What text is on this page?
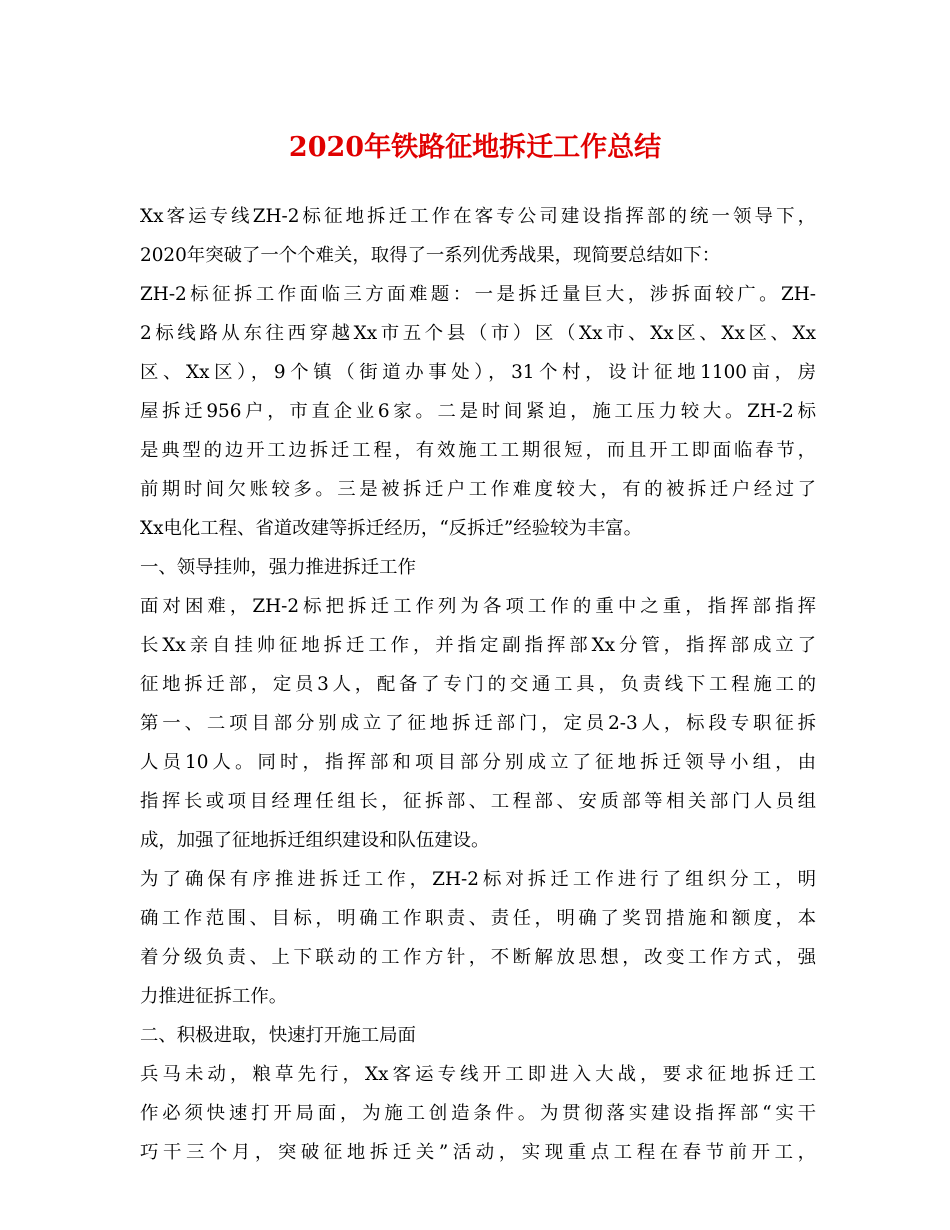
2020年铁路征地拆迁工作总结
Xx客运专线ZH-2标征地拆迁工作在客专公司建设指挥部的统一领导下，
2020年突破了一个个难关，取得了一系列优秀战果，现简要总结如下：
ZH-2标征拆工作面临三方面难题：一是拆迁量巨大，涉拆面较广。ZH-
2标线路从东往西穿越Xx市五个县（市）区（Xx市、Xx区、Xx区、Xx
区、Xx区），9个镇（街道办事处），31个村，设计征地1100亩，房
屋拆迁956户，市直企业6家。二是时间紧迫，施工压力较大。ZH-2标
是典型的边开工边拆迁工程，有效施工工期很短，而且开工即面临春节，
前期时间欠账较多。三是被拆迁户工作难度较大，有的被拆迁户经过了
Xx电化工程、省道改建等拆迁经历，“反拆迁”经验较为丰富。
一、领导挂帅，强力推进拆迁工作
面对困难，ZH-2标把拆迁工作列为各项工作的重中之重，指挥部指挥
长Xx亲自挂帅征地拆迁工作，并指定副指挥部Xx分管，指挥部成立了
征地拆迁部，定员3人，配备了专门的交通工具，负责线下工程施工的
第一、二项目部分别成立了征地拆迁部门，定员2-3人，标段专职征拆
人员10人。同时，指挥部和项目部分别成立了征地拆迁领导小组，由
指挥长或项目经理任组长，征拆部、工程部、安质部等相关部门人员组
成，加强了征地拆迁组织建设和队伍建设。
为了确保有序推进拆迁工作，ZH-2标对拆迁工作进行了组织分工，明
确工作范围、目标，明确工作职责、责任，明确了奖罚措施和额度，本
着分级负责、上下联动的工作方针，不断解放思想，改变工作方式，强
力推进征拆工作。
二、积极进取，快速打开施工局面
兵马未动，粮草先行，Xx客运专线开工即进入大战，要求征地拆迁工
作必须快速打开局面，为施工创造条件。为贯彻落实建设指挥部“实干
巧干三个月，突破征地拆迁关”活动，实现重点工程在春节前开工，
